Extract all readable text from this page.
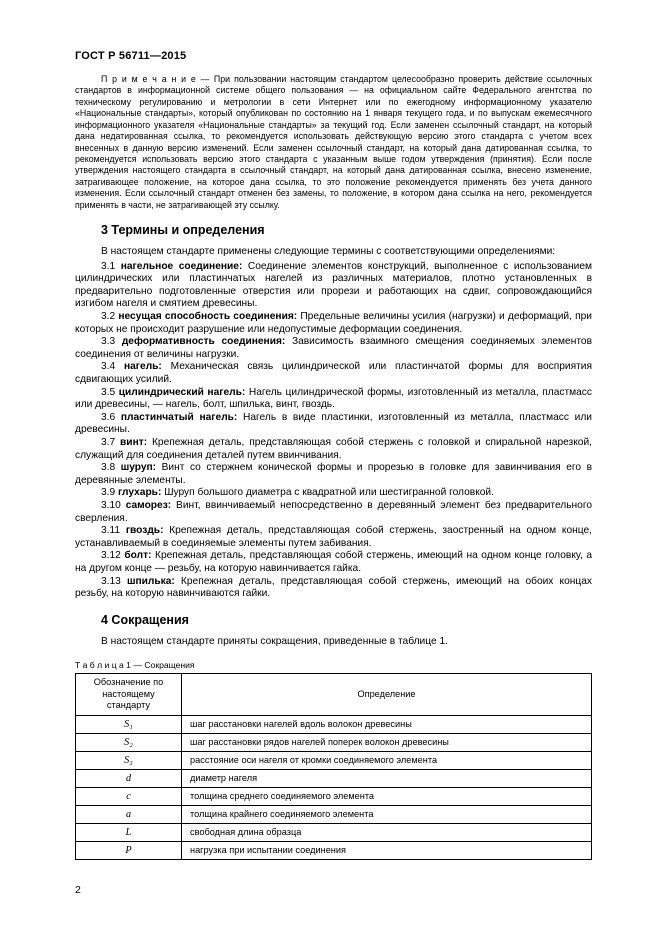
ГОСТ Р 56711—2015

П р и м е ч а н и е — При пользовании настоящим стандартом целесообразно проверить действие ссылочных стандартов в информационной системе общего пользования — на официальном сайте Федерального агентства по техническому регулированию и метрологии в сети Интернет или по ежегодному информационному указателю «Национальные стандарты», который опубликован по состоянию на 1 января текущего года, и по выпускам ежемесячного информационного указателя «Национальные стандарты» за текущий год. Если заменен ссылочный стандарт, на который дана недатированная ссылка, то рекомендуется использовать действующую версию этого стандарта с учетом всех внесенных в данную версию изменений. Если заменен ссылочный стандарт, на который дана датированная ссылка, то рекомендуется использовать версию этого стандарта с указанным выше годом утверждения (принятия). Если после утверждения настоящего стандарта в ссылочный стандарт, на который дана датированная ссылка, внесено изменение, затрагивающее положение, на которое дана ссылка, то это положение рекомендуется применять без учета данного изменения. Если ссылочный стандарт отменен без замены, то положение, в котором дана ссылка на него, рекомендуется применять в части, не затрагивающей эту ссылку.

3 Термины и определения

В настоящем стандарте применены следующие термины с соответствующими определениями:

3.1 нагельное соединение: Соединение элементов конструкций, выполненное с использованием цилиндрических или пластинчатых нагелей из различных материалов, плотно установленных в предварительно подготовленные отверстия или прорези и работающих на сдвиг, сопровождающийся изгибом нагеля и смятием древесины.

3.2 несущая способность соединения: Предельные величины усилия (нагрузки) и деформаций, при которых не происходит разрушение или недопустимые деформации соединения.

3.3 деформативность соединения: Зависимость взаимного смещения соединяемых элементов соединения от величины нагрузки.

3.4 нагель: Механическая связь цилиндрической или пластинчатой формы для восприятия сдвигающих усилий.

3.5 цилиндрический нагель: Нагель цилиндрической формы, изготовленный из металла, пластмасс или древесины, — нагель, болт, шпилька, винт, гвоздь.

3.6 пластинчатый нагель: Нагель в виде пластинки, изготовленный из металла, пластмасс или древесины.

3.7 винт: Крепежная деталь, представляющая собой стержень с головкой и спиральной нарезкой, служащий для соединения деталей путем ввинчивания.

3.8 шуруп: Винт со стержнем конической формы и прорезью в головке для завинчивания его в деревянные элементы.

3.9 глухарь: Шуруп большого диаметра с квадратной или шестигранной головкой.

3.10 саморез: Винт, ввинчиваемый непосредственно в деревянный элемент без предварительного сверления.

3.11 гвоздь: Крепежная деталь, представляющая собой стержень, заостренный на одном конце, устанавливаемый в соединяемые элементы путем забивания.

3.12 болт: Крепежная деталь, представляющая собой стержень, имеющий на одном конце головку, а на другом конце — резьбу, на которую навинчивается гайка.

3.13 шпилька: Крепежная деталь, представляющая собой стержень, имеющий на обоих концах резьбу, на которую навинчиваются гайки.

4 Сокращения

В настоящем стандарте приняты сокращения, приведенные в таблице 1.

Т а б л и ц а 1 — Сокращения
Обозначение по настоящему стандарту	Определение
S₁	шаг расстановки нагелей вдоль волокон древесины
S₂	шаг расстановки рядов нагелей поперек волокон древесины
S₃	расстояние оси нагеля от кромки соединяемого элемента
d	диаметр нагеля
c	толщина среднего соединяемого элемента
a	толщина крайнего соединяемого элемента
L	свободная длина образца
P	нагрузка при испытании соединения
2
